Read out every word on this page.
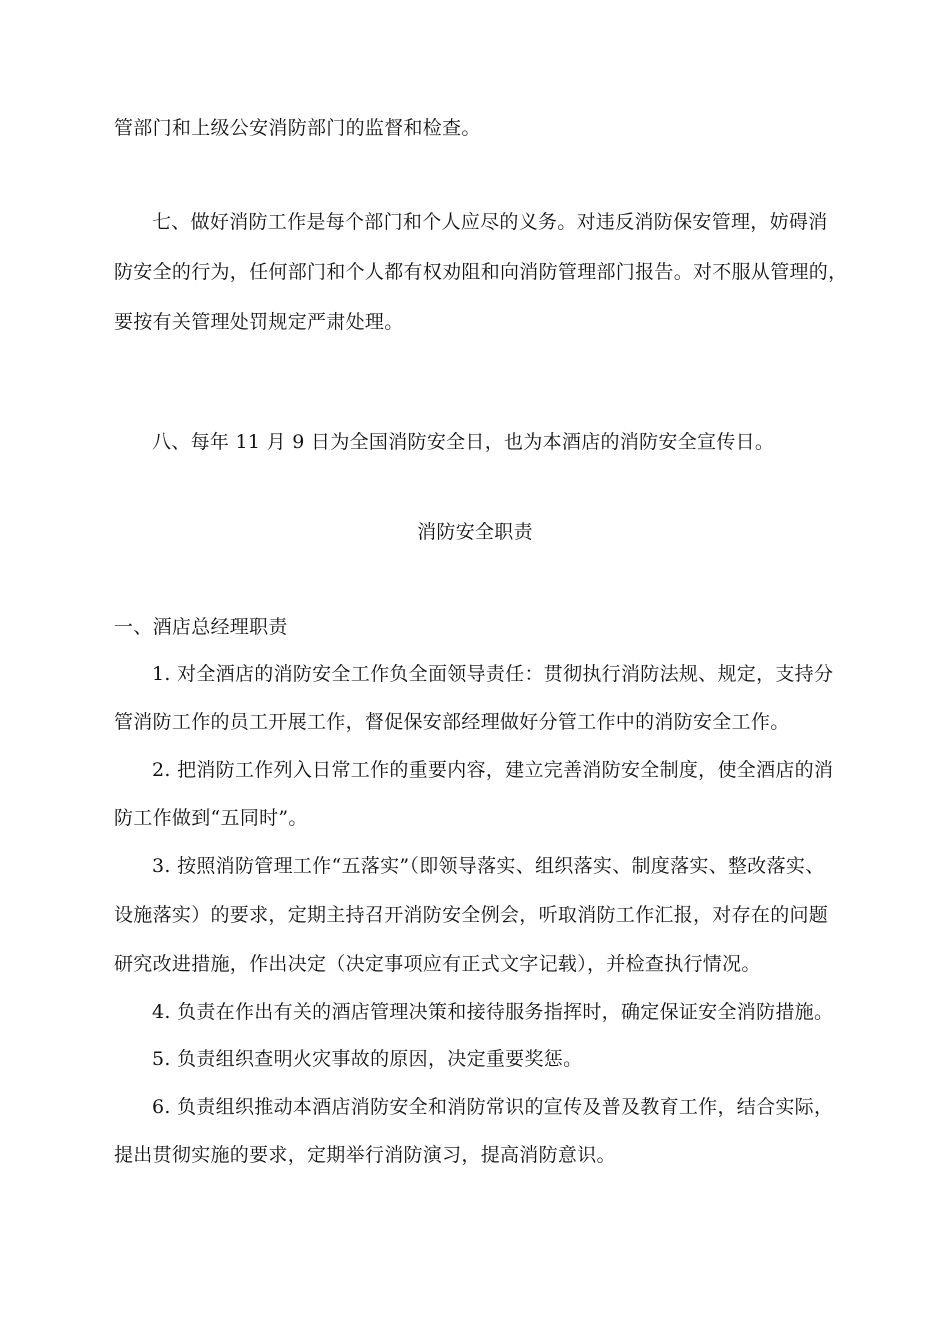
管部门和上级公安消防部门的监督和检查。
七、做好消防工作是每个部门和个人应尽的义务。对违反消防保安管理，妨碍消
防安全的行为，任何部门和个人都有权劝阻和向消防管理部门报告。对不服从管理的，
要按有关管理处罚规定严肃处理。
八、每年 11 月 9 日为全国消防安全日，也为本酒店的消防安全宣传日。
消防安全职责
一、酒店总经理职责
1. 对全酒店的消防安全工作负全面领导责任：贯彻执行消防法规、规定，支持分
管消防工作的员工开展工作，督促保安部经理做好分管工作中的消防安全工作。
2. 把消防工作列入日常工作的重要内容，建立完善消防安全制度，使全酒店的消
防工作做到“五同时”。
3. 按照消防管理工作“五落实”（即领导落实、组织落实、制度落实、整改落实、
设施落实）的要求，定期主持召开消防安全例会，听取消防工作汇报，对存在的问题
研究改进措施，作出决定（决定事项应有正式文字记载），并检查执行情况。
4. 负责在作出有关的酒店管理决策和接待服务指挥时，确定保证安全消防措施。
5. 负责组织查明火灾事故的原因，决定重要奖惩。
6. 负责组织推动本酒店消防安全和消防常识的宣传及普及教育工作，结合实际，
提出贯彻实施的要求，定期举行消防演习，提高消防意识。
